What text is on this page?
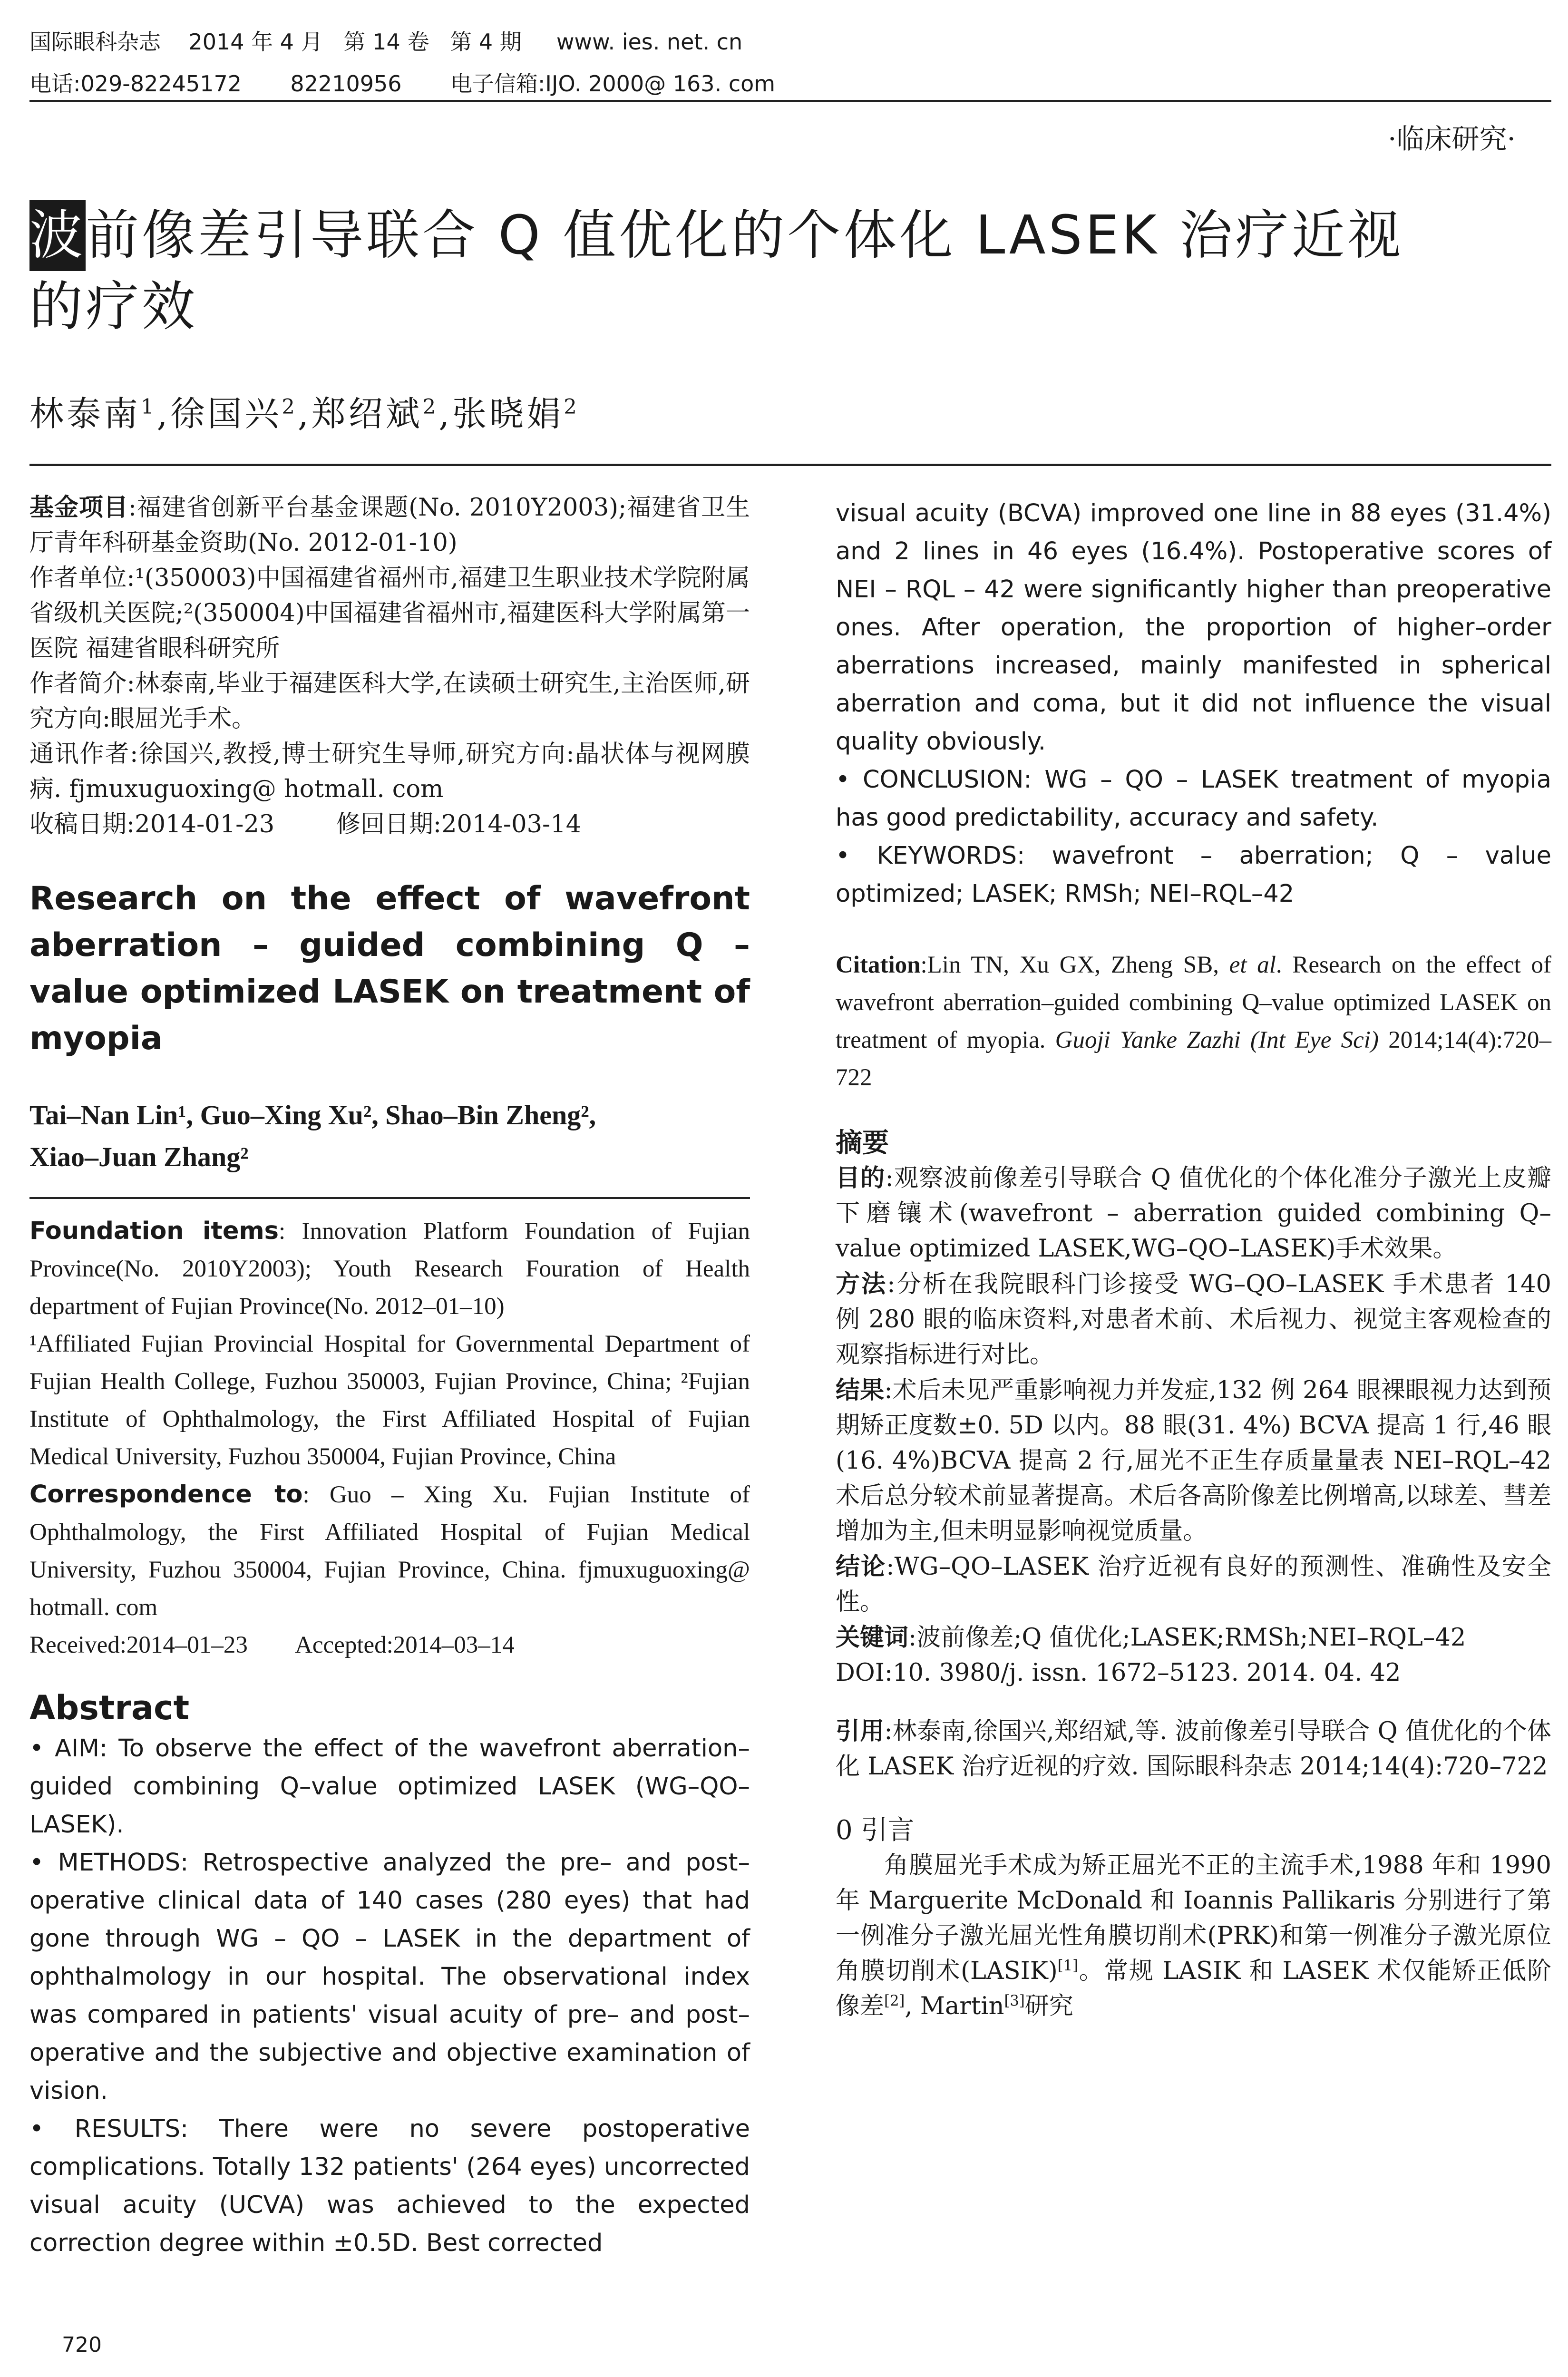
国际眼科杂志    2014 年 4 月   第 14 卷   第 4 期     www. ies. net. cn
电话:029-82245172       82210956       电子信箱:IJO. 2000@ 163. com
·临床研究·
波前像差引导联合 Q 值优化的个体化 LASEK 治疗近视
的疗效
林泰南$^1$,徐国兴$^2$,郑绍斌$^2$,张晓娟$^2$
基金项目:福建省创新平台基金课题(No. 2010Y2003);福建省卫生厅青年科研基金资助(No. 2012-01-10)
作者单位:¹(350003)中国福建省福州市,福建卫生职业技术学院附属省级机关医院;²(350004)中国福建省福州市,福建医科大学附属第一医院 福建省眼科研究所
作者简介:林泰南,毕业于福建医科大学,在读硕士研究生,主治医师,研究方向:眼屈光手术。
通讯作者:徐国兴,教授,博士研究生导师,研究方向:晶状体与视网膜病. fjmuxuguoxing@ hotmall. com
收稿日期:2014-01-23        修回日期:2014-03-14
Research on the effect of wavefront aberration – guided combining Q – value optimized LASEK on treatment of myopia
Tai–Nan Lin¹, Guo–Xing Xu², Shao–Bin Zheng²,
Xiao–Juan Zhang²
Foundation items: Innovation Platform Foundation of Fujian Province(No. 2010Y2003); Youth Research Fouration of Health department of Fujian Province(No. 2012–01–10)
¹Affiliated Fujian Provincial Hospital for Governmental Department of Fujian Health College, Fuzhou 350003, Fujian Province, China; ²Fujian Institute of Ophthalmology, the First Affiliated Hospital of Fujian Medical University, Fuzhou 350004, Fujian Province, China
Correspondence to: Guo – Xing Xu. Fujian Institute of Ophthalmology, the First Affiliated Hospital of Fujian Medical University, Fuzhou 350004, Fujian Province, China. fjmuxuguoxing@ hotmall. com
Received:2014–01–23        Accepted:2014–03–14
Abstract
• AIM: To observe the effect of the wavefront aberration–guided combining Q–value optimized LASEK (WG–QO–LASEK).
• METHODS: Retrospective analyzed the pre– and post–operative clinical data of 140 cases (280 eyes) that had gone through WG – QO – LASEK in the department of ophthalmology in our hospital. The observational index was compared in patients' visual acuity of pre– and post–operative and the subjective and objective examination of vision.
• RESULTS: There were no severe postoperative complications. Totally 132 patients' (264 eyes) uncorrected visual acuity (UCVA) was achieved to the expected correction degree within ±0.5D. Best corrected
visual acuity (BCVA) improved one line in 88 eyes (31.4%) and 2 lines in 46 eyes (16.4%). Postoperative scores of NEI – RQL – 42 were significantly higher than preoperative ones. After operation, the proportion of higher–order aberrations increased, mainly manifested in spherical aberration and coma, but it did not influence the visual quality obviously.
• CONCLUSION: WG – QO – LASEK treatment of myopia has good predictability, accuracy and safety.
• KEYWORDS: wavefront – aberration; Q – value optimized; LASEK; RMSh; NEI–RQL–42
Citation:Lin TN, Xu GX, Zheng SB, et al. Research on the effect of wavefront aberration–guided combining Q–value optimized LASEK on treatment of myopia. Guoji Yanke Zazhi (Int Eye Sci) 2014;14(4):720–722
摘要
目的:观察波前像差引导联合 Q 值优化的个体化准分子激光上皮瓣下磨镶术(wavefront – aberration guided combining Q–value optimized LASEK,WG–QO–LASEK)手术效果。
方法:分析在我院眼科门诊接受 WG–QO–LASEK 手术患者 140 例 280 眼的临床资料,对患者术前、术后视力、视觉主客观检查的观察指标进行对比。
结果:术后未见严重影响视力并发症,132 例 264 眼裸眼视力达到预期矫正度数±0. 5D 以内。88 眼(31. 4%) BCVA 提高 1 行,46 眼(16. 4%)BCVA 提高 2 行,屈光不正生存质量量表 NEI–RQL–42 术后总分较术前显著提高。术后各高阶像差比例增高,以球差、彗差增加为主,但未明显影响视觉质量。
结论:WG–QO–LASEK 治疗近视有良好的预测性、准确性及安全性。
关键词:波前像差;Q 值优化;LASEK;RMSh;NEI–RQL–42
DOI:10. 3980/j. issn. 1672–5123. 2014. 04. 42
引用:林泰南,徐国兴,郑绍斌,等. 波前像差引导联合 Q 值优化的个体化 LASEK 治疗近视的疗效. 国际眼科杂志 2014;14(4):720–722
0 引言
角膜屈光手术成为矫正屈光不正的主流手术,1988 年和 1990 年 Marguerite McDonald 和 Ioannis Pallikaris 分别进行了第一例准分子激光屈光性角膜切削术(PRK)和第一例准分子激光原位角膜切削术(LASIK)[1]。常规 LASIK 和 LASEK 术仅能矫正低阶像差[2], Martin[3]研究
720
